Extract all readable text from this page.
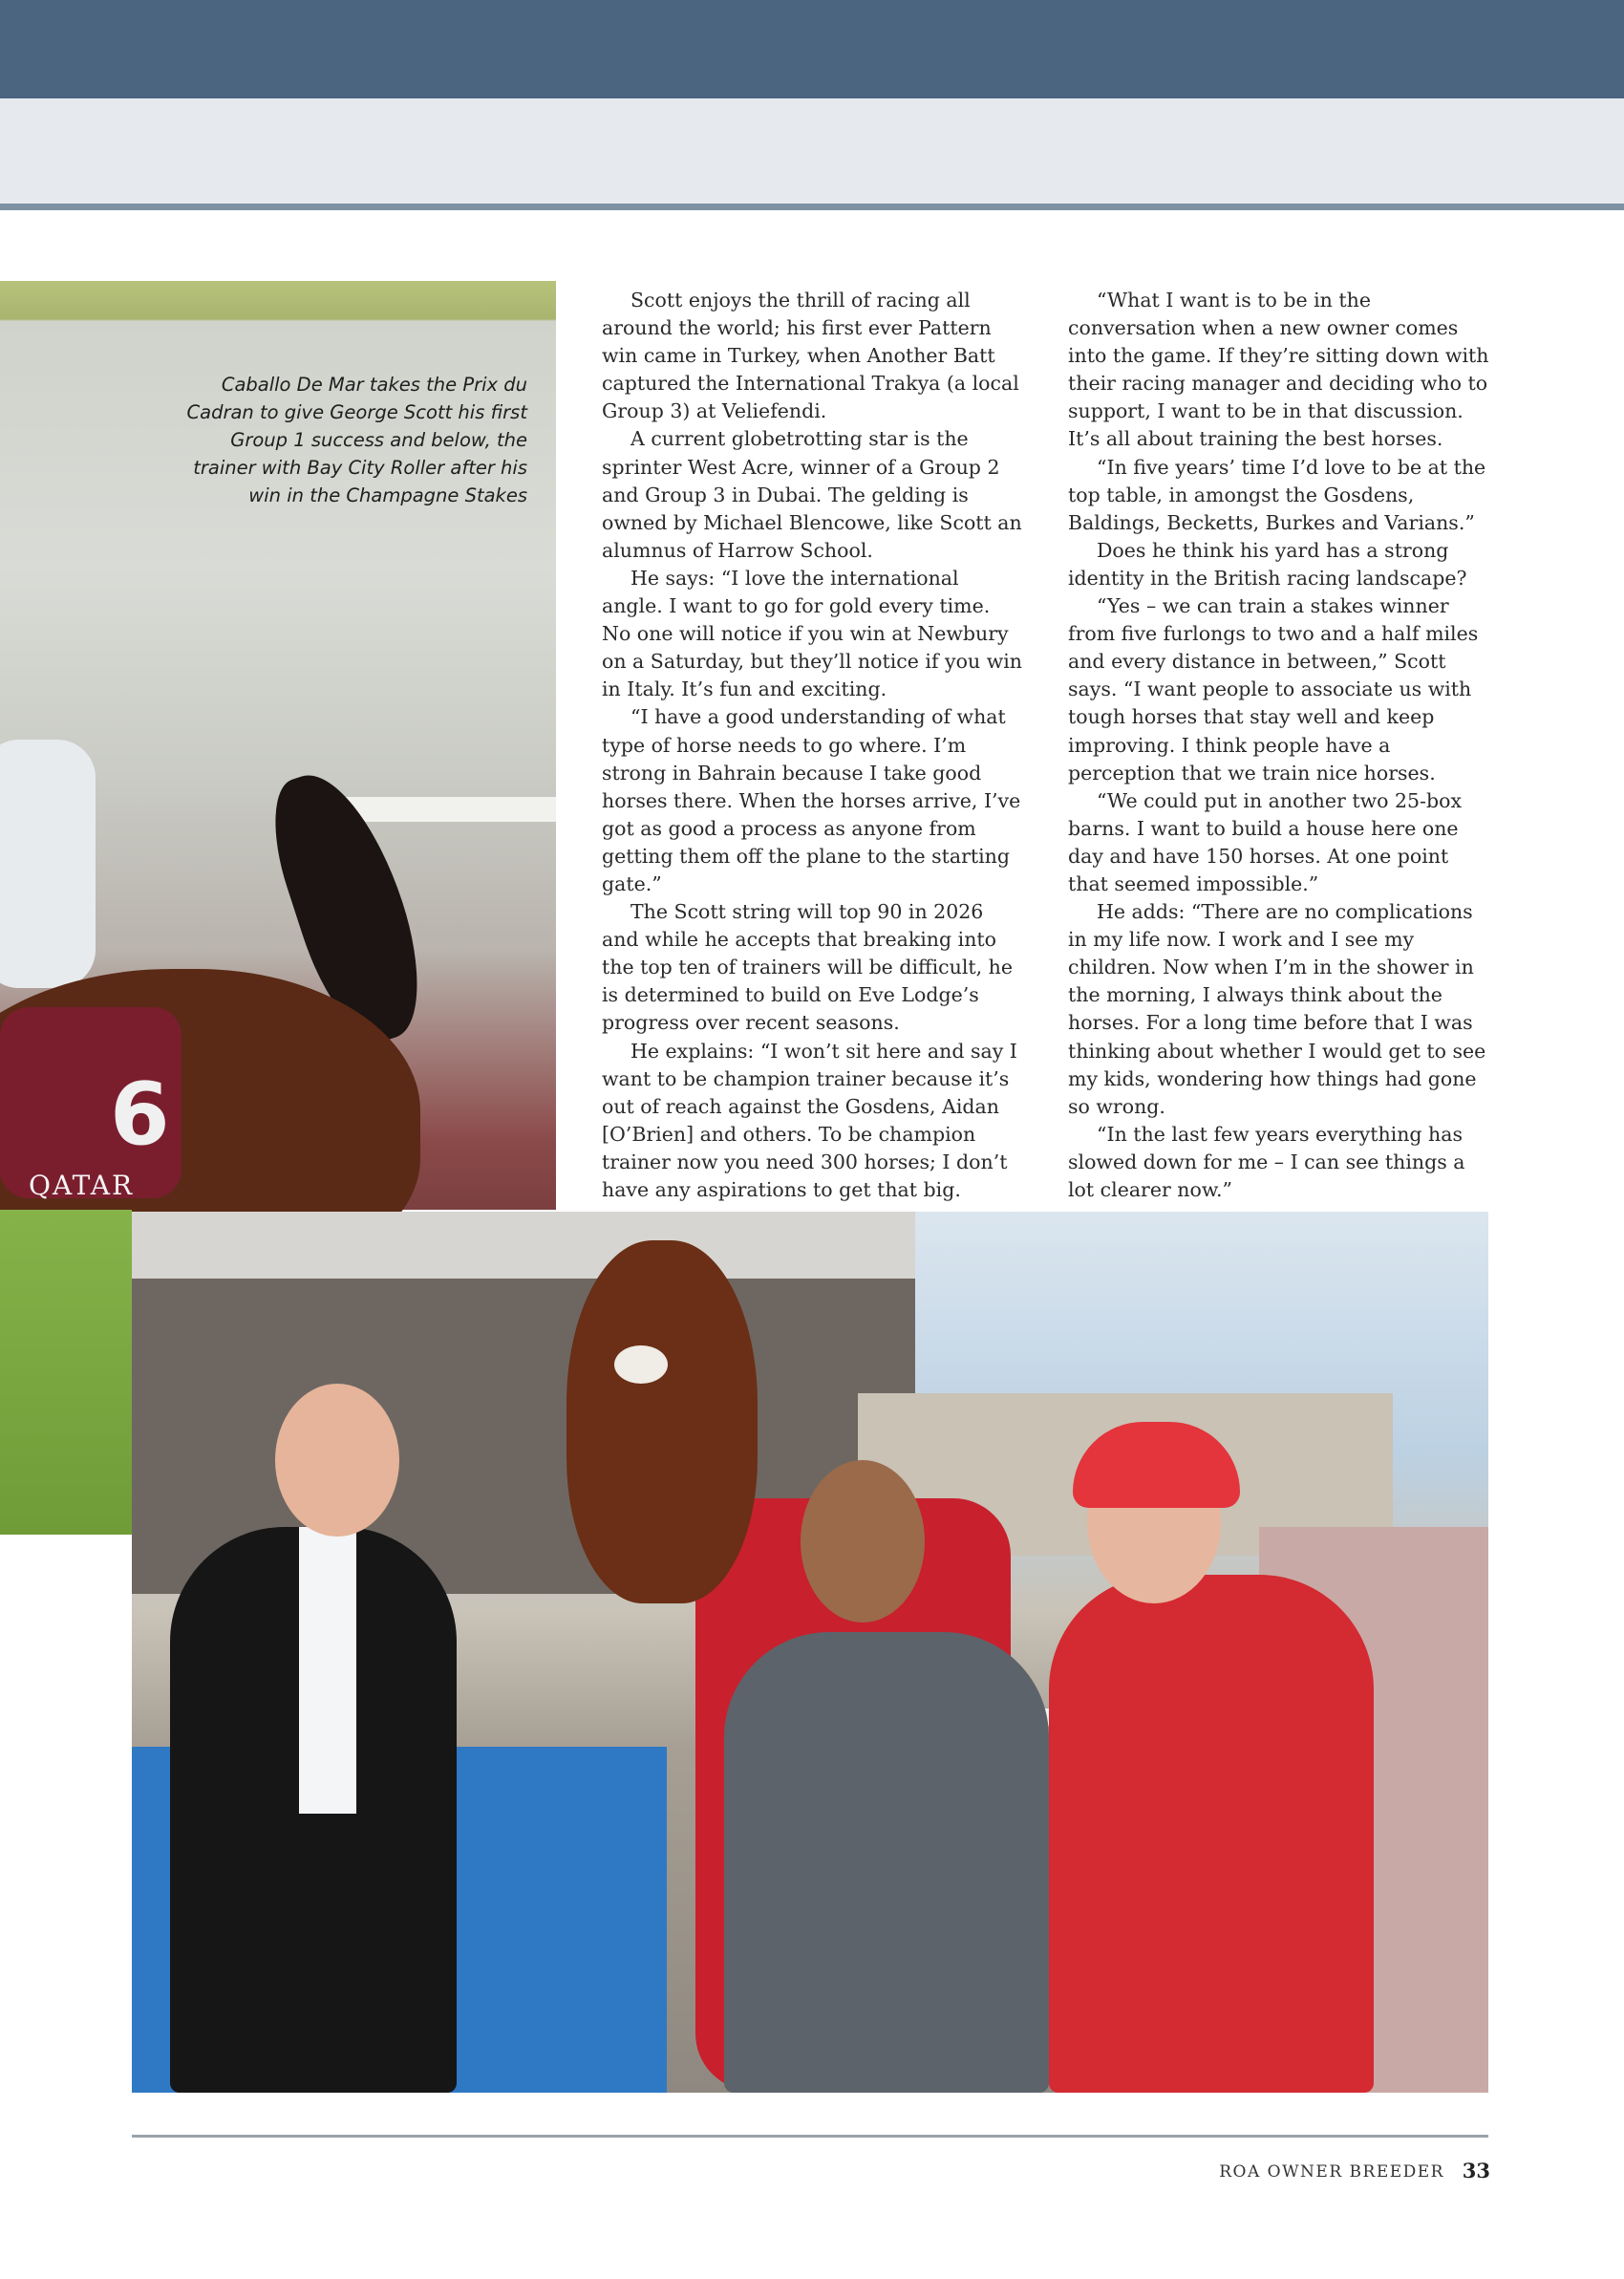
6
QATAR
Caballo De Mar takes the Prix du Cadran to give George Scott his first Group 1 success and below, the trainer with Bay City Roller after his win in the Champagne Stakes

Scott enjoys the thrill of racing all around the world; his first ever Pattern win came in Turkey, when Another Batt captured the International Trakya (a local Group 3) at Veliefendi.

A current globetrotting star is the sprinter West Acre, winner of a Group 2 and Group 3 in Dubai. The gelding is owned by Michael Blencowe, like Scott an alumnus of Harrow School.

He says: “I love the international angle. I want to go for gold every time. No one will notice if you win at Newbury on a Saturday, but they’ll notice if you win in Italy. It’s fun and exciting.

“I have a good understanding of what type of horse needs to go where. I’m strong in Bahrain because I take good horses there. When the horses arrive, I’ve got as good a process as anyone from getting them off the plane to the starting gate.”

The Scott string will top 90 in 2026 and while he accepts that breaking into the top ten of trainers will be difficult, he is determined to build on Eve Lodge’s progress over recent seasons.

He explains: “I won’t sit here and say I want to be champion trainer because it’s out of reach against the Gosdens, Aidan [O’Brien] and others. To be champion trainer now you need 300 horses; I don’t have any aspirations to get that big.

“What I want is to be in the conversation when a new owner comes into the game. If they’re sitting down with their racing manager and deciding who to support, I want to be in that discussion. It’s all about training the best horses.

“In five years’ time I’d love to be at the top table, in amongst the Gosdens, Baldings, Becketts, Burkes and Varians.”

Does he think his yard has a strong identity in the British racing landscape?

“Yes – we can train a stakes winner from five furlongs to two and a half miles and every distance in between,” Scott says. “I want people to associate us with tough horses that stay well and keep improving. I think people have a perception that we train nice horses.

“We could put in another two 25-box barns. I want to build a house here one day and have 150 horses. At one point that seemed impossible.”

He adds: “There are no complications in my life now. I work and I see my children. Now when I’m in the shower in the morning, I always think about the horses. For a long time before that I was thinking about whether I would get to see my kids, wondering how things had gone so wrong.

“In the last few years everything has slowed down for me – I can see things a lot clearer now.”

ROA OWNER BREEDER 33
